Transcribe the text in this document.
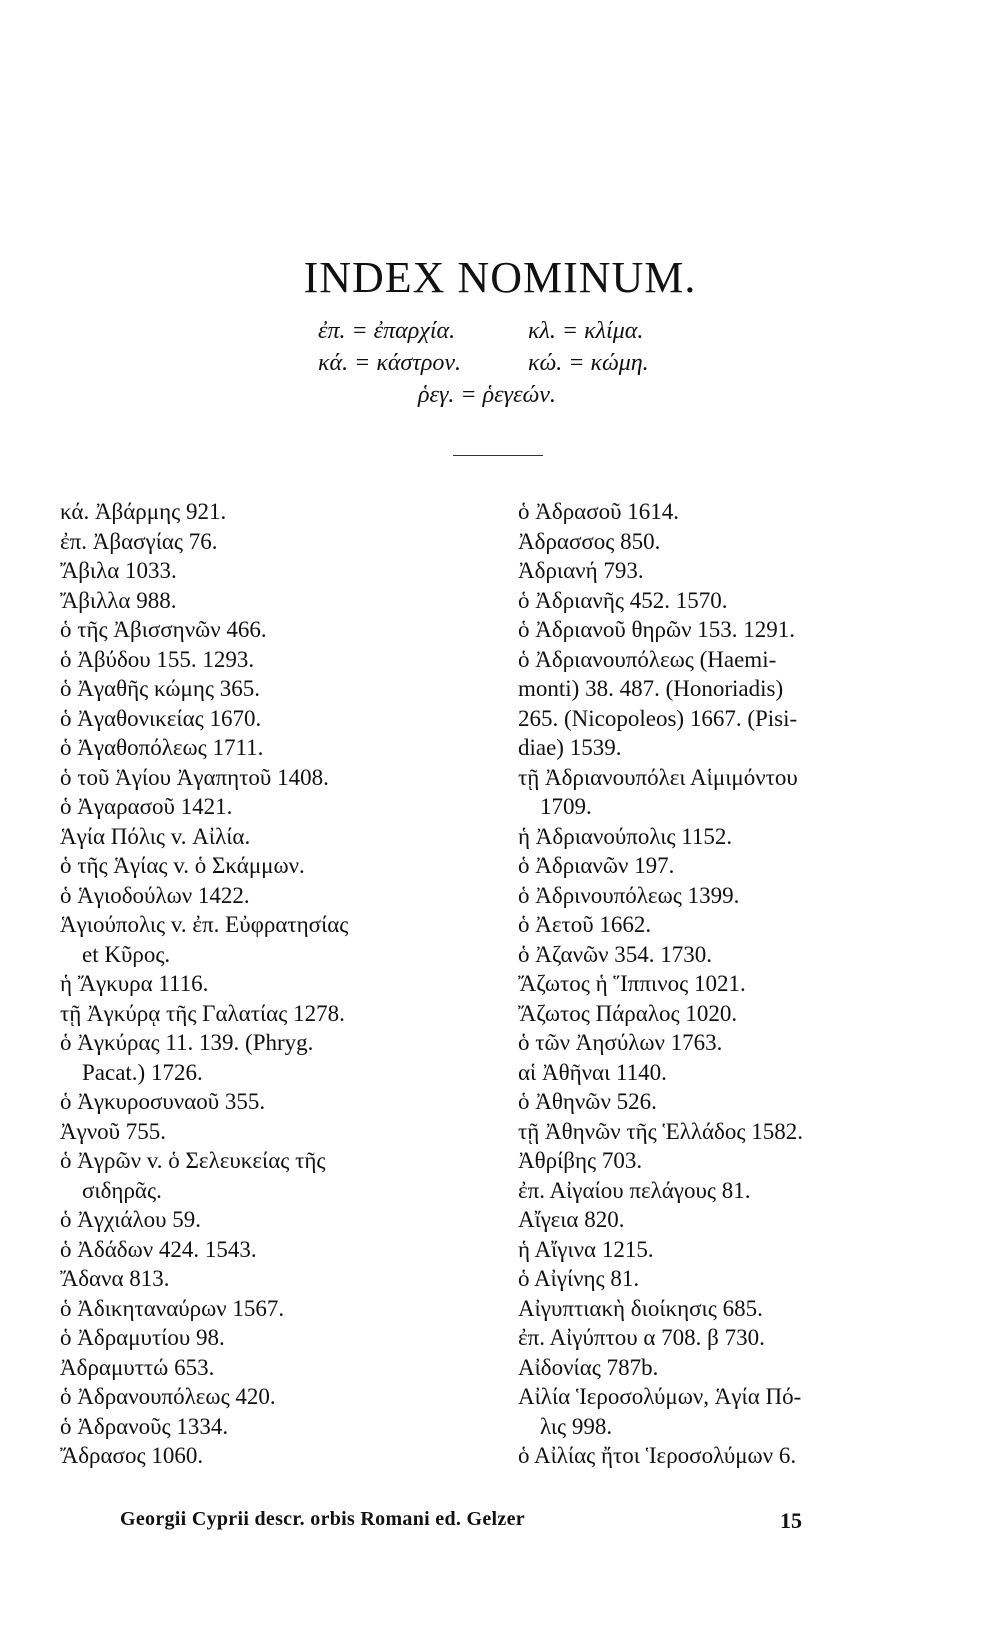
INDEX NOMINUM.
ἐπ. = ἐπαρχία.	κλ. = κλίμα.
κά. = κάστρον.	κώ. = κώμη.
ῥεγ. = ῥεγεών.

κά. Ἀβάρμης 921.

ἐπ. Ἀβασγίας 76.

Ἄβιλα 1033.

Ἄβιλλα 988.

ὁ τῆς Ἀβισσηνῶν 466.

ὁ Ἀβύδου 155. 1293.

ὁ Ἀγαθῆς κώμης 365.

ὁ Ἀγαθονικείας 1670.

ὁ Ἀγαθοπόλεως 1711.

ὁ τοῦ Ἁγίου Ἀγαπητοῦ 1408.

ὁ Ἀγαρασοῦ 1421.

Ἁγία Πόλις v. Αἰλία.

ὁ τῆς Ἁγίας v. ὁ Σκάμμων.

ὁ Ἁγιοδούλων 1422.

Ἁγιούπολις v. ἐπ. Εὐφρατησίας

et Κῦρος.

ἡ Ἄγκυρα 1116.

τῇ Ἀγκύρᾳ τῆς Γαλατίας 1278.

ὁ Ἀγκύρας 11. 139. (Phryg.

Pacat.) 1726.

ὁ Ἀγκυροσυναοῦ 355.

Ἀγνοῦ 755.

ὁ Ἀγρῶν v. ὁ Σελευκείας τῆς

σιδηρᾶς.

ὁ Ἀγχιάλου 59.

ὁ Ἀδάδων 424. 1543.

Ἄδανα 813.

ὁ Ἀδικηταναύρων 1567.

ὁ Ἀδραμυτίου 98.

Ἀδραμυττώ 653.

ὁ Ἀδρανουπόλεως 420.

ὁ Ἀδρανοῦς 1334.

Ἄδρασος 1060.

ὁ Ἀδρασοῦ 1614.

Ἀδρασσος 850.

Ἀδριανή 793.

ὁ Ἀδριανῆς 452. 1570.

ὁ Ἀδριανοῦ θηρῶν 153. 1291.

ὁ Ἀδριανουπόλεως (Haemi-

monti) 38. 487. (Honoriadis)

265. (Nicopoleos) 1667. (Pisi-

diae) 1539.

τῇ Ἀδριανουπόλει Αἱμιμόντου

1709.

ἡ Ἀδριανούπολις 1152.

ὁ Ἀδριανῶν 197.

ὁ Ἀδρινουπόλεως 1399.

ὁ Ἀετοῦ 1662.

ὁ Ἀζανῶν 354. 1730.

Ἄζωτος ἡ Ἵππινος 1021.

Ἄζωτος Πάραλος 1020.

ὁ τῶν Ἀησύλων 1763.

αἱ Ἀθῆναι 1140.

ὁ Ἀθηνῶν 526.

τῇ Ἀθηνῶν τῆς Ἑλλάδος 1582.

Ἀθρίβης 703.

ἐπ. Αἰγαίου πελάγους 81.

Αἴγεια 820.

ἡ Αἴγινα 1215.

ὁ Αἰγίνης 81.

Αἰγυπτιακὴ διοίκησις 685.

ἐπ. Αἰγύπτου α 708. β 730.

Αἰδονίας 787b.

Αἰλία Ἱεροσολύμων, Ἁγία Πό-

λις 998.

ὁ Αἰλίας ἤτοι Ἱεροσολύμων 6.

Georgii Cyprii descr. orbis Romani ed. Gelzer	15
